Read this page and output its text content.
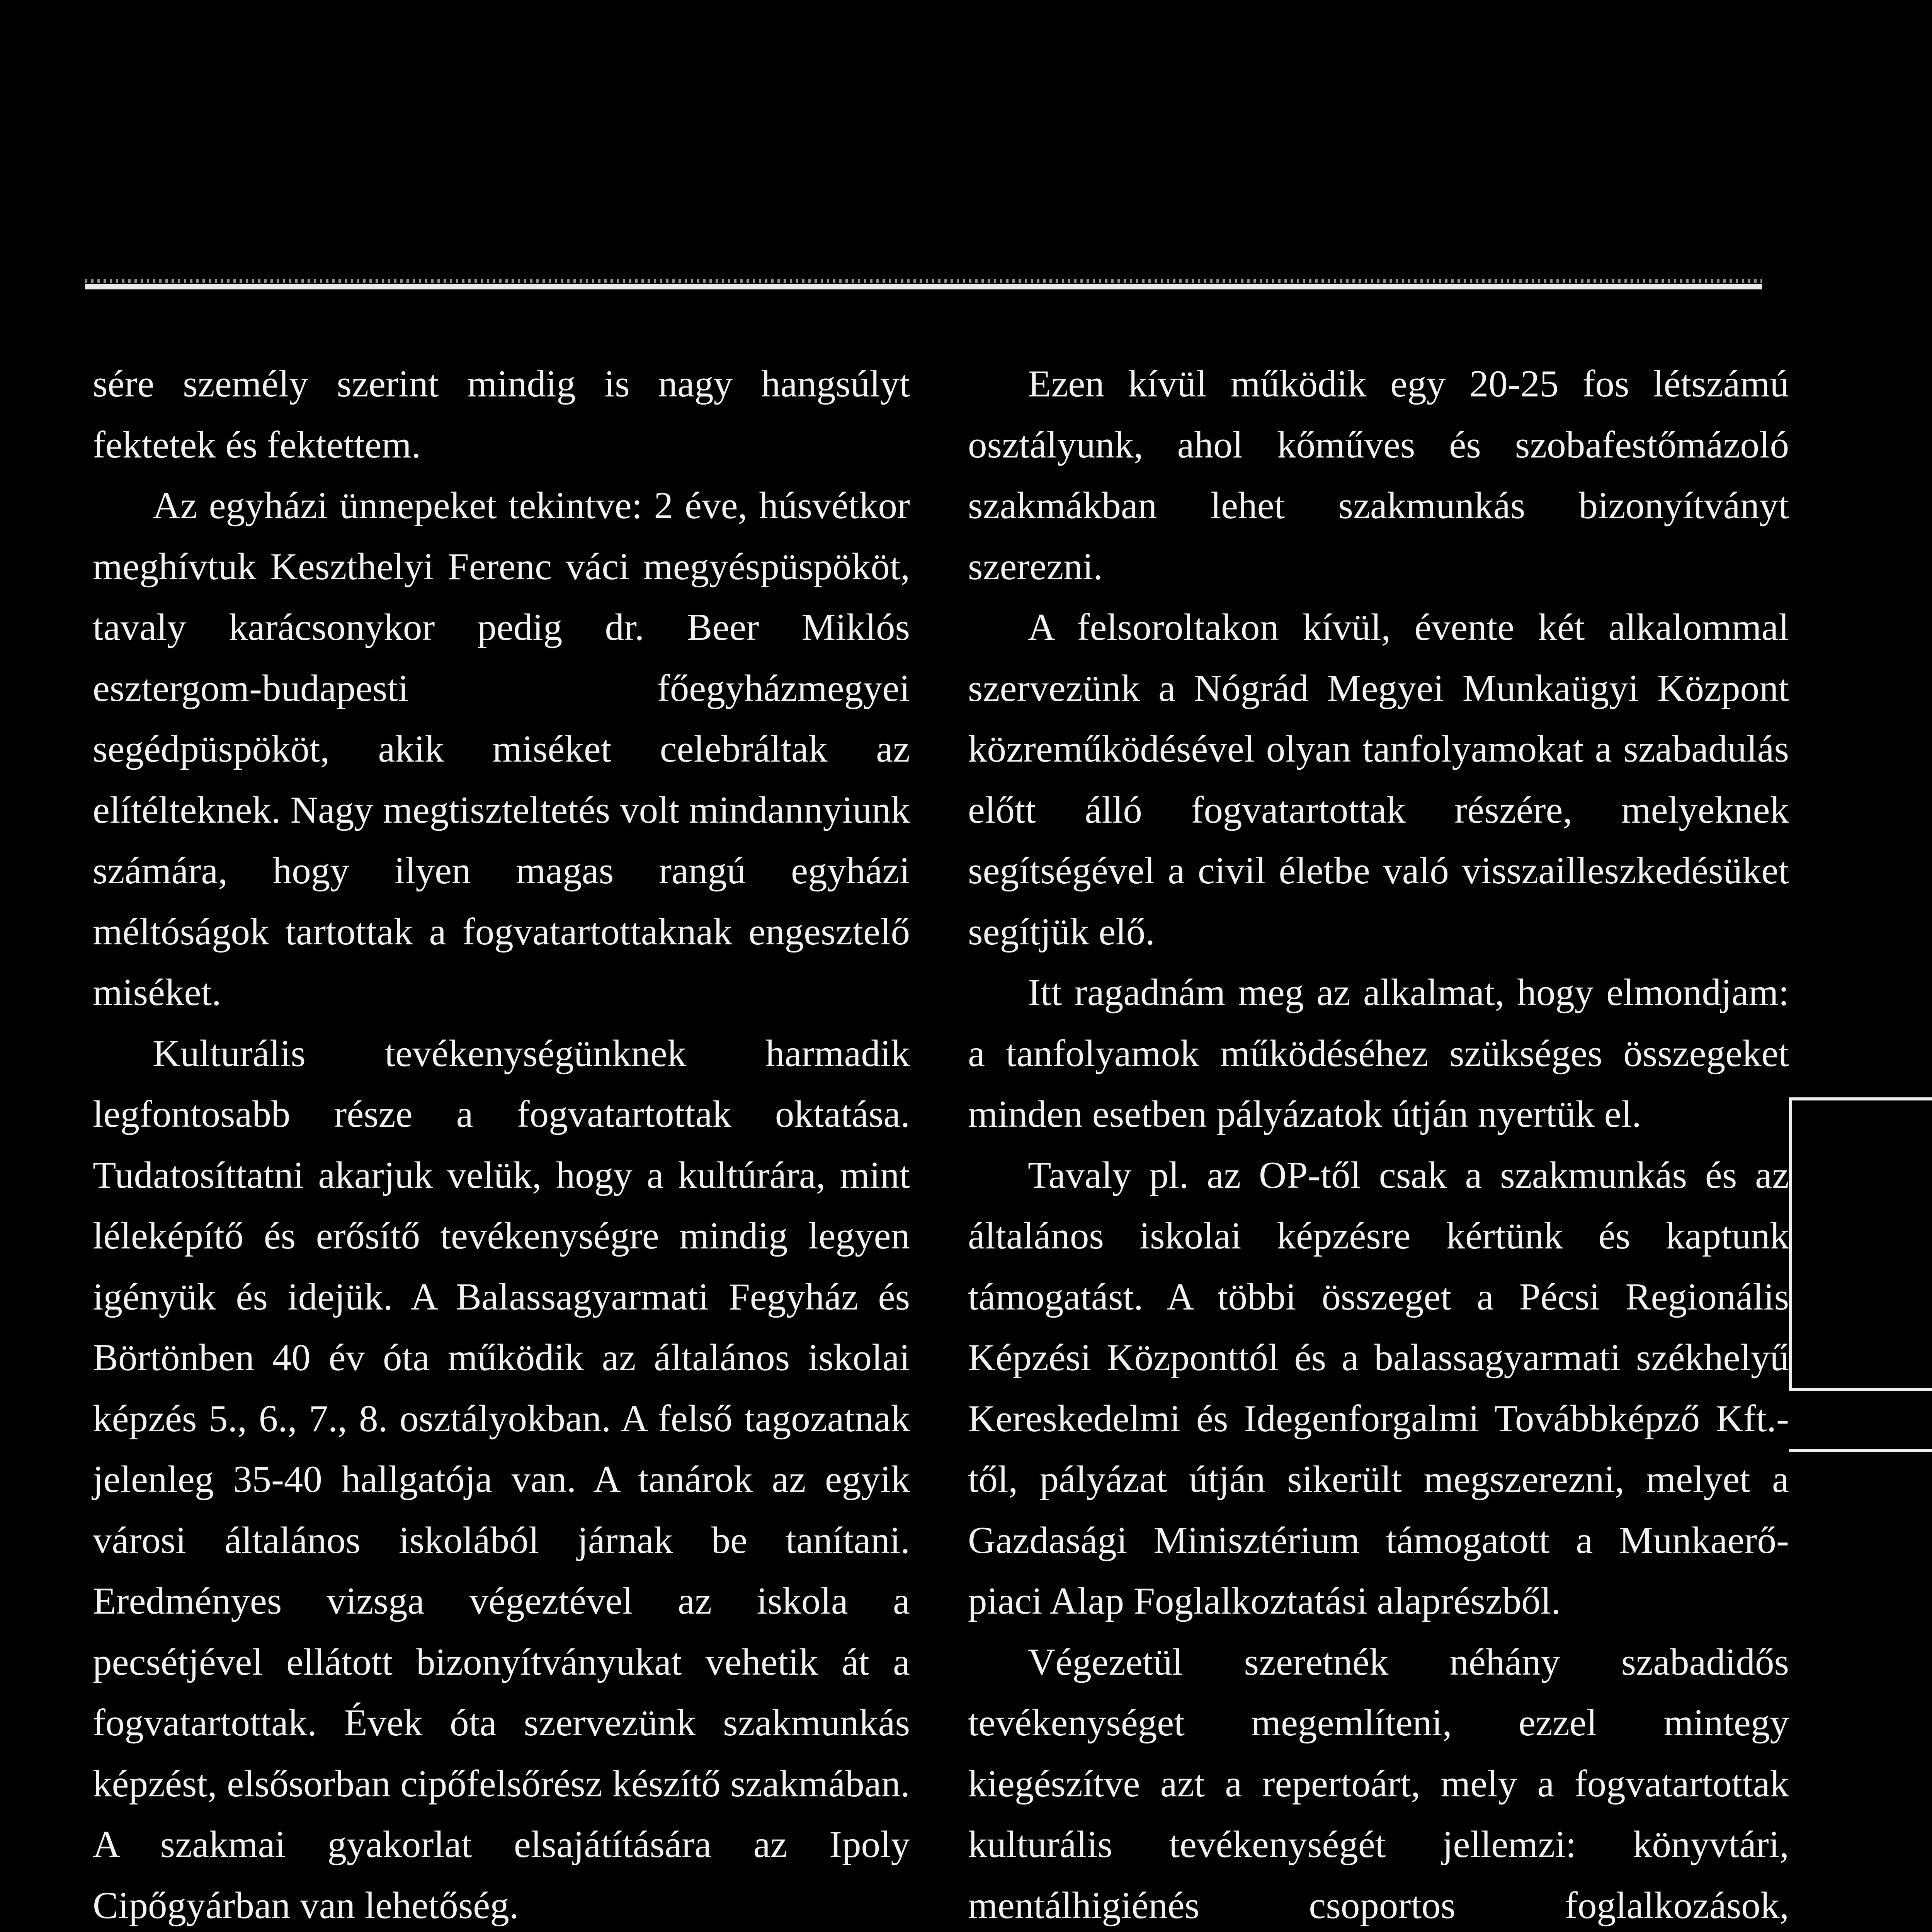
sére személy szerint mindig is nagy hangsúlyt fektetek és fektettem.

Az egyházi ünnepeket tekintve: 2 éve, húsvétkor meghívtuk Keszthelyi Ferenc váci megyéspüspököt, tavaly karácsonykor pedig dr. Beer Miklós esztergom-budapesti főegyházmegyei segédpüspököt, akik miséket celebráltak az elítélteknek. Nagy megtiszteltetés volt mindannyiunk számára, hogy ilyen magas rangú egyházi méltóságok tartottak a fogvatartottaknak engesztelő miséket.

Kulturális tevékenységünknek harmadik legfontosabb része a fogvatartottak oktatása. Tudatosíttatni akarjuk velük, hogy a kultúrára, mint léleképítő és erősítő tevékenységre mindig legyen igényük és idejük. A Balassagyarmati Fegyház és Börtönben 40 év óta működik az általános iskolai képzés 5., 6., 7., 8. osztályokban. A felső tagozatnak jelenleg 35-40 hallgatója van. A tanárok az egyik városi általános iskolából járnak be tanítani. Eredményes vizsga végeztével az iskola a pecsétjével ellátott bizonyítványukat vehetik át a fogvatartottak. Évek óta szervezünk szakmunkás képzést, elsősorban cipőfelsőrész készítő szakmában. A szakmai gyakorlat elsajátítására az Ipoly Cipőgyárban van lehetőség.

Ezen kívül működik egy 20-25 fos létszámú osztályunk, ahol kőműves és szobafestőmázoló szakmákban lehet szakmunkás bizonyítványt szerezni.

A felsoroltakon kívül, évente két alkalommal szervezünk a Nógrád Megyei Munkaügyi Központ közreműködésével olyan tanfolyamokat a szabadulás előtt álló fogvatartottak részére, melyeknek segítségével a civil életbe való visszailleszkedésüket segítjük elő.

Itt ragadnám meg az alkalmat, hogy elmondjam: a tanfolyamok működéséhez szükséges összegeket minden esetben pályázatok útján nyertük el.

Tavaly pl. az OP-től csak a szakmunkás és az általános iskolai képzésre kértünk és kaptunk támogatást. A többi összeget a Pécsi Regionális Képzési Központtól és a balassagyarmati székhelyű Kereskedelmi és Idegenforgalmi Továbbképző Kft.-től, pályázat útján sikerült megszerezni, melyet a Gazdasági Minisztérium támogatott a Munkaerő-piaci Alap Foglalkoztatási alaprészből.

Végezetül szeretnék néhány szabadidős tevékenységet megemlíteni, ezzel mintegy kiegészítve azt a repertoárt, mely a fogvatartottak kulturális tevékenységét jellemzi: könyvtári, mentálhigiénés csoportos foglalkozások,
